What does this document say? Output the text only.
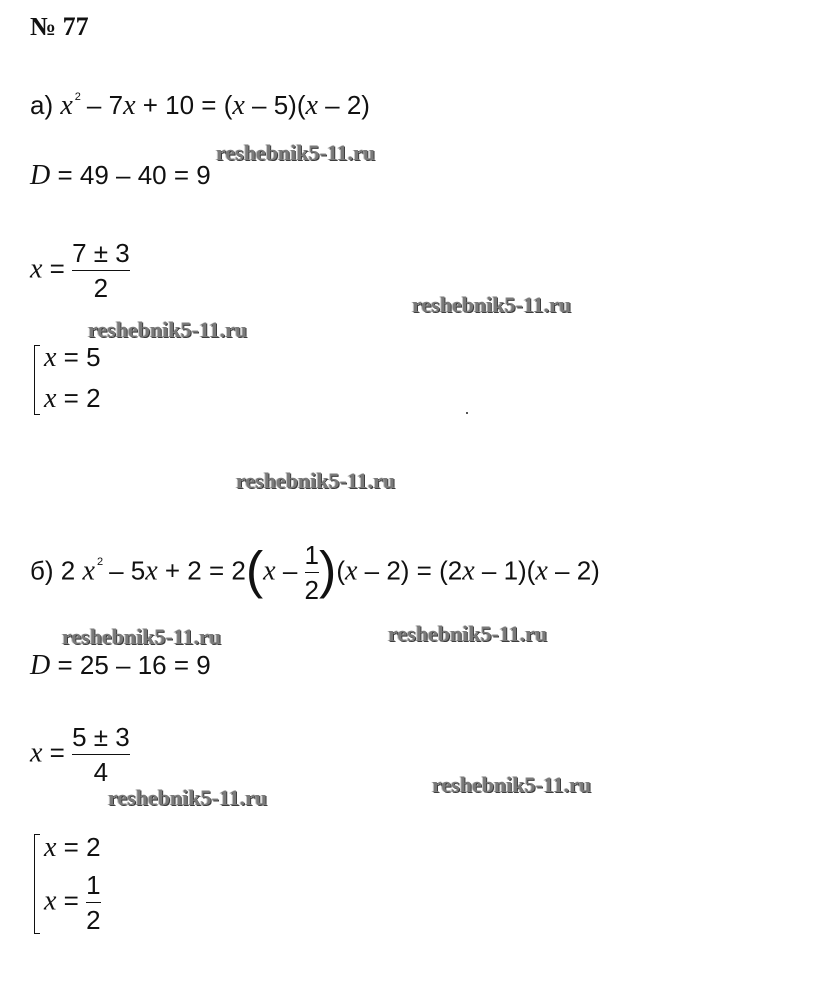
№ 77
а) x $^2$ – 7x + 10 = (x – 5)(x – 2)
D = 49 – 40 = 9
$x = \frac{7 \pm 3}{2}$
x = 5
x = 2
б) 2 x $^2 - 5x + 2 = 2(x - \frac{1}{2} )(x - 2) = (2x - 1)(x - 2)$
D = 25 – 16 = 9
$x = \frac{5 \pm 3}{4}$
x = 2
$x = \frac{1}{2}$
reshebnik5-11.ru
reshebnik5-11.ru
reshebnik5-11.ru
reshebnik5-11.ru
reshebnik5-11.ru	reshebnik5-11.ru
reshebnik5-11.ru
reshebnik5-11.ru
